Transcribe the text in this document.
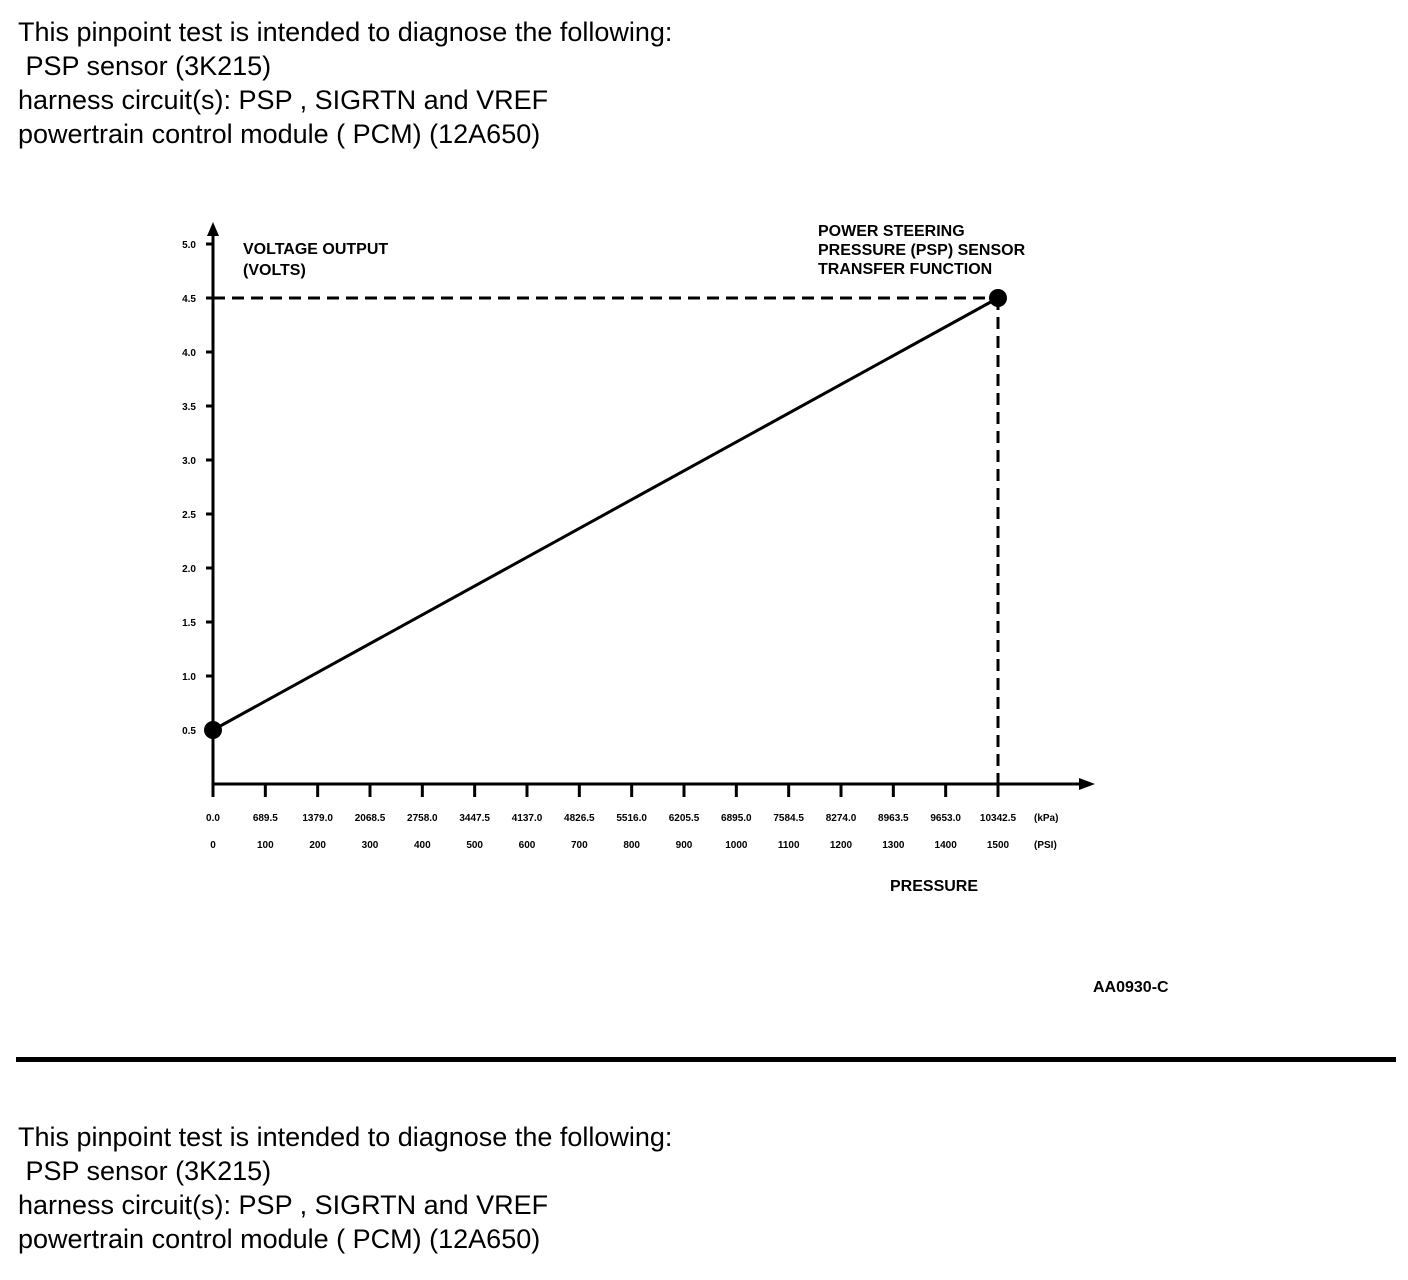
This pinpoint test is intended to diagnose the following:
PSP sensor (3K215)
harness circuit(s): PSP , SIGRTN and VREF
powertrain control module ( PCM) (12A650)
0.5
1.0
1.5
2.0
2.5
3.0
3.5
4.0
4.5
5.0
0
0.0
100
689.5
200
1379.0
300
2068.5
400
2758.0
500
3447.5
600
4137.0
700
4826.5
800
5516.0
900
6205.5
1000
6895.0
1100
7584.5
1200
8274.0
1300
8963.5
1400
9653.0
1500
10342.5 (kPa)
(PSI)
VOLTAGE OUTPUT
(VOLTS)
POWER STEERING
PRESSURE (PSP) SENSOR
TRANSFER FUNCTION
PRESSURE
AA0930-C
This pinpoint test is intended to diagnose the following:
PSP sensor (3K215)
harness circuit(s): PSP , SIGRTN and VREF
powertrain control module ( PCM) (12A650)
